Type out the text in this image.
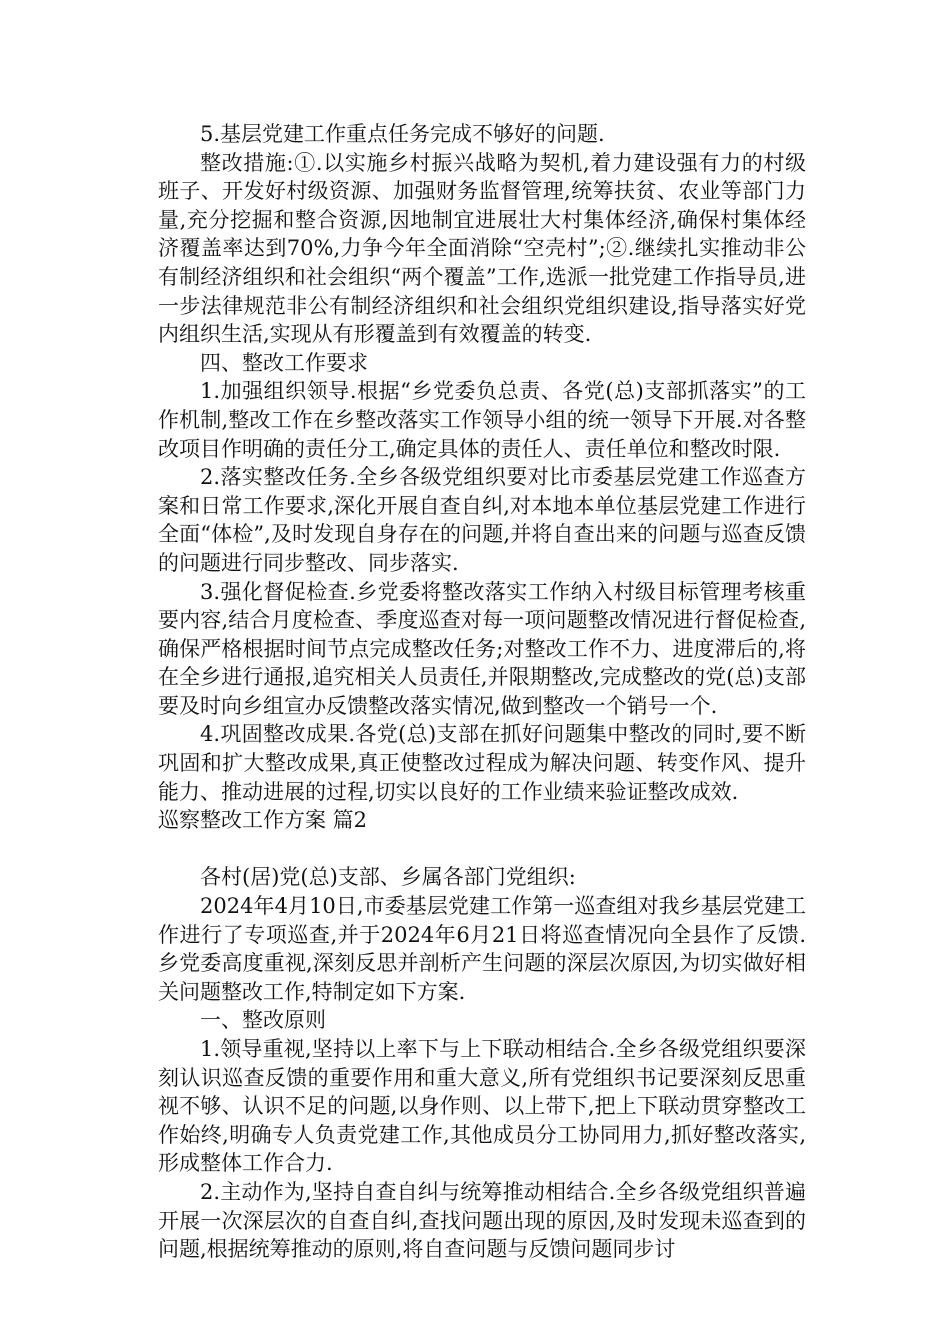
5.基层党建工作重点任务完成不够好的问题.

整改措施:①.以实施乡村振兴战略为契机,着力建设强有力的村级班子、开发好村级资源、加强财务监督管理,统筹扶贫、农业等部门力量,充分挖掘和整合资源,因地制宜进展壮大村集体经济,确保村集体经济覆盖率达到70%,力争今年全面消除“空壳村”;②.继续扎实推动非公有制经济组织和社会组织“两个覆盖”工作,选派一批党建工作指导员,进一步法律规范非公有制经济组织和社会组织党组织建设,指导落实好党内组织生活,实现从有形覆盖到有效覆盖的转变.

四、整改工作要求

1.加强组织领导.根据“乡党委负总责、各党(总)支部抓落实”的工作机制,整改工作在乡整改落实工作领导小组的统一领导下开展.对各整改项目作明确的责任分工,确定具体的责任人、责任单位和整改时限.

2.落实整改任务.全乡各级党组织要对比市委基层党建工作巡查方案和日常工作要求,深化开展自查自纠,对本地本单位基层党建工作进行全面“体检”,及时发现自身存在的问题,并将自查出来的问题与巡查反馈的问题进行同步整改、同步落实.

3.强化督促检查.乡党委将整改落实工作纳入村级目标管理考核重要内容,结合月度检查、季度巡查对每一项问题整改情况进行督促检查,确保严格根据时间节点完成整改任务;对整改工作不力、进度滞后的,将在全乡进行通报,追究相关人员责任,并限期整改,完成整改的党(总)支部要及时向乡组宣办反馈整改落实情况,做到整改一个销号一个.

4.巩固整改成果.各党(总)支部在抓好问题集中整改的同时,要不断巩固和扩大整改成果,真正使整改过程成为解决问题、转变作风、提升能力、推动进展的过程,切实以良好的工作业绩来验证整改成效.

巡察整改工作方案 篇2

各村(居)党(总)支部、乡属各部门党组织:

2024年4月10日,市委基层党建工作第一巡查组对我乡基层党建工作进行了专项巡查,并于2024年6月21日将巡查情况向全县作了反馈.乡党委高度重视,深刻反思并剖析产生问题的深层次原因,为切实做好相关问题整改工作,特制定如下方案.

一、整改原则

1.领导重视,坚持以上率下与上下联动相结合.全乡各级党组织要深刻认识巡查反馈的重要作用和重大意义,所有党组织书记要深刻反思重视不够、认识不足的问题,以身作则、以上带下,把上下联动贯穿整改工作始终,明确专人负责党建工作,其他成员分工协同用力,抓好整改落实,形成整体工作合力.

2.主动作为,坚持自查自纠与统筹推动相结合.全乡各级党组织普遍开展一次深层次的自查自纠,查找问题出现的原因,及时发现未巡查到的问题,根据统筹推动的原则,将自查问题与反馈问题同步讨
